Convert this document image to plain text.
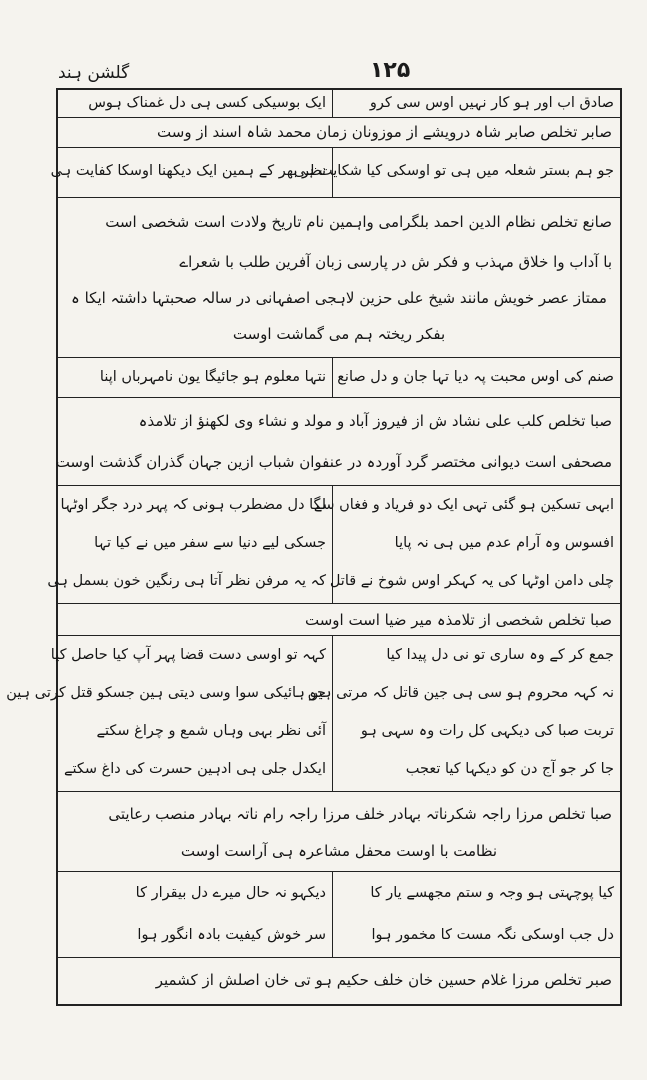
گلشن ہند	۱۲۵
صادق اب اور ہو کار نہیں اوس سی کرو
ایک بوسیکی کسی ہی دل غمناک ہوس
صابر تخلص صابر شاہ درویشے از موزونان زمان محمد شاہ اسند از وست
جو ہم بستر شعلہ میں ہی تو اوسکی کیا شکایت ہی
نظر بھر کے ہمین ایک دیکھنا اوسکا کفایت ہی
صانع تخلص نظام الدین احمد بلگرامی واہمین نام تاریخ ولادت است شخصی است
با آداب وا خلاق مہذب و فکر ش در پارسی زبان آفرین طلب با شعراے
ممتاز عصر خویش مانند شیخ علی حزین لاہجی اصفہانی در سالہ صحبتہا داشتہ ایکا ہ بفکر ریختہ ہم می گماشت اوست
صنم کی اوس محبت پہ دیا تہا جان و دل صانع
نتہا معلوم ہو جائیگا یون نامہرباں اپنا
صبا تخلص کلب علی نشاد ش از فیروز آباد و مولد و نشاء وی لکھنؤ از تلامذہ
مصحفی است دیوانی مختصر گرد آوردہ در عنفوان شباب ازین جہان گذران گذشت اوست
ابہی تسکین ہو گئی تہی ایک دو فریاد و فغاں سے
افسوس وہ آرام عدم میں ہی نہ پایا
چلی دامن اوٹہا کی یہ کہکر اوس شوخ نے قاتل
لگا دل مضطرب ہونی کہ پہر درد جگر اوٹہا
جسکی لیے دنیا سے سفر میں نے کیا تہا
کہ یہ مرفن نظر آتا ہی رنگین خون بسمل ہی
صبا تخلص شخصی از تلامذہ میر ضیا است اوست
جمع کر کے وہ ساری تو نی دل پیدا کیا
نہ کہہ محروم ہو سی ہی جین قاتل کہ مرتی ہین
تربت صبا کی دیکہی کل رات وہ سہی ہو
جا کر جو آج دن کو دیکہا کیا تعجب
کہہ تو اوسی دست قضا پہر آپ کیا حاصل کیا
جو ہائیکی سوا وسی دیتی ہین جسکو قتل کرتی ہین
آئی نظر بہی وہاں شمع و چراغ سکتے
ایکدل جلی ہی ادہین حسرت کی داغ سکتے
صبا تخلص مرزا راجہ شکرناتہ بہادر خلف مرزا راجہ رام ناتہ بہادر منصب رعایتی
نظامت با اوست محفل مشاعرہ ہی آراست اوست
کیا پوچہتی ہو وجہ و ستم مجھسے یار کا
دل جب اوسکی نگہ مست کا مخمور ہوا
دیکہو نہ حال میرے دل بیقرار کا
سر خوش کیفیت بادہ انگور ہوا
صبر تخلص مرزا غلام حسین خان خلف حکیم ہو تی خان اصلش از کشمیر
